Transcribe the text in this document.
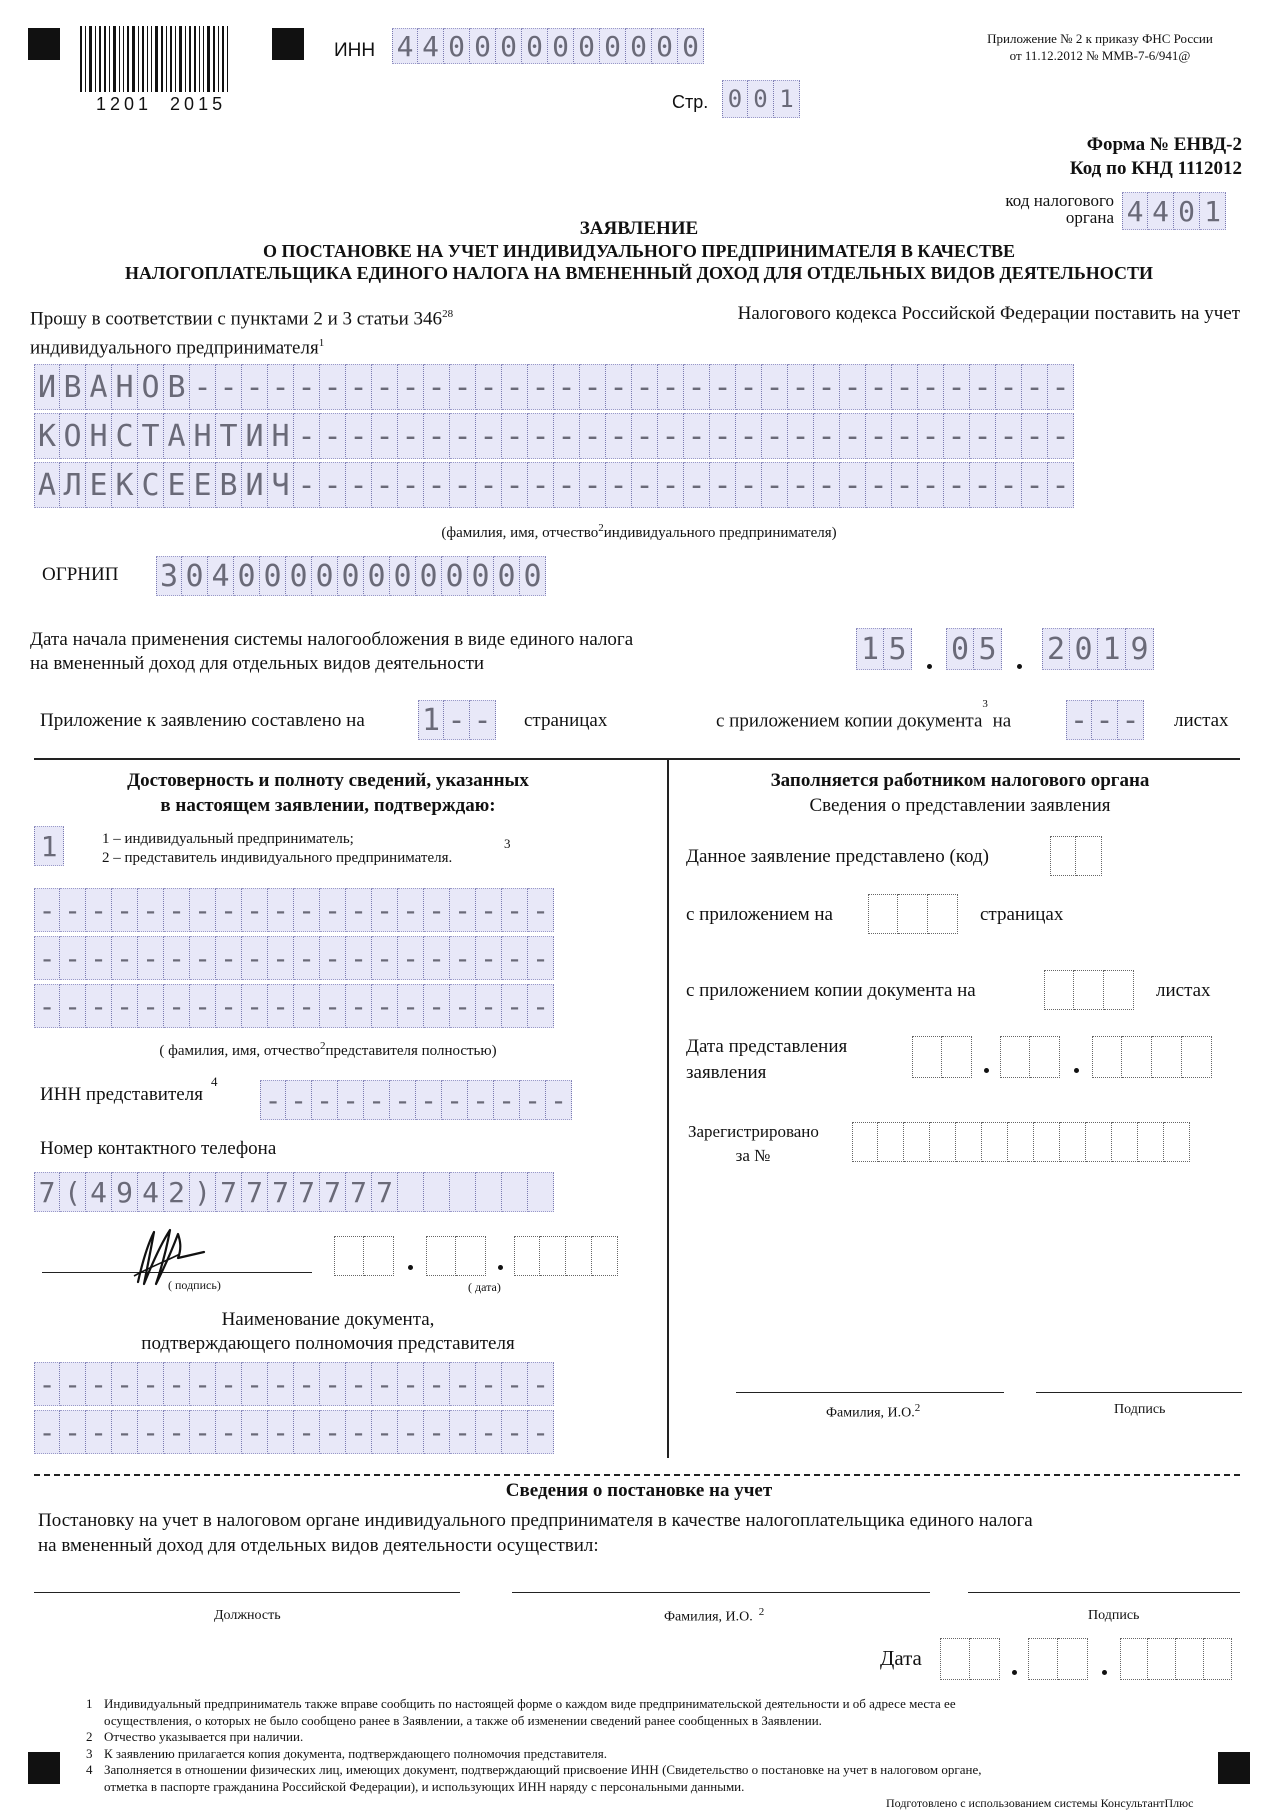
1201  2015
ИНН 4 4 0 0 0 0 0 0 0 0 0 0
Стр. 0 0 1
Приложение № 2 к приказу ФНС России
от 11.12.2012 № ММВ-7-6/941@
Форма № ЕНВД-2
Код по КНД 1112012
код налогового
органа 4 4 0 1
ЗАЯВЛЕНИЕ
О ПОСТАНОВКЕ НА УЧЕТ ИНДИВИДУАЛЬНОГО ПРЕДПРИНИМАТЕЛЯ В КАЧЕСТВЕ
НАЛОГОПЛАТЕЛЬЩИКА ЕДИНОГО НАЛОГА НА ВМЕНЕННЫЙ ДОХОД ДЛЯ ОТДЕЛЬНЫХ ВИДОВ ДЕЯТЕЛЬНОСТИ
Прошу в соответствии с пунктами 2 и 3 статьи $346^{28}$	Налогового кодекса Российской Федерации поставить на учет
индивидуального предпринимателя$^1$
И В А Н О В - - - - - - - - - - - - - - - - - - - - - - - - - - - - - - - - - -
К О Н С Т А Н Т И Н - - - - - - - - - - - - - - - - - - - - - - - - - - - - - -
А Л Е К С Е Е В И Ч - - - - - - - - - - - - - - - - - - - - - - - - - - - - - -
(фамилия, имя, отчество$^2$индивидуального предпринимателя)
ОГРНИП 3 0 4 0 0 0 0 0 0 0 0 0 0 0 0
Дата начала применения системы налогообложения в виде единого налога
на вмененный доход для отдельных видов деятельности	1 5 0 5 2 0 1 9
Приложение к заявлению составлено на 1 - - страницах	с приложением копии документа$^3$ на - - - листах
Достоверность и полноту сведений, указанных
в настоящем заявлении, подтверждаю:
1	1 – индивидуальный предприниматель;
2 – представитель индивидуального предпринимателя.
3
- - - - - - - - - - - - - - - - - - - -
- - - - - - - - - - - - - - - - - - - -
- - - - - - - - - - - - - - - - - - - -
( фамилия, имя, отчество$^2$представителя полностью)
ИНН представителя$^4$
- - - - - - - - - - - -
Номер контактного телефона
7 ( 4 9 4 2 ) 7 7 7 7 7 7 7
( подпись)	( дата)
Наименование документа,
подтверждающего полномочия представителя
- - - - - - - - - - - - - - - - - - - -
- - - - - - - - - - - - - - - - - - - -
Заполняется работником налогового органа
Сведения о представлении заявления
Данное заявление представлено (код)
с приложением на	страницах
с приложением копии документа на	листах
Дата представления
заявления
Зарегистрировано
за №
Фамилия, И.О.$^2$	Подпись
Сведения о постановке на учет
Постановку на учет в налоговом органе индивидуального предпринимателя в качестве налогоплательщика единого налога
на вмененный доход для отдельных видов деятельности осуществил:
Должность	Фамилия, И.О. $^2$	Подпись
Дата
1 Индивидуальный предприниматель также вправе сообщить по настоящей форме о каждом виде предпринимательской деятельности и об адресе места ее
осуществления, о которых не было сообщено ранее в Заявлении, а также об изменении сведений ранее сообщенных в Заявлении.
2 Отчество указывается при наличии.
3 К заявлению прилагается копия документа, подтверждающего полномочия представителя.
4 Заполняется в отношении физических лиц, имеющих документ, подтверждающий присвоение ИНН (Свидетельство о постановке на учет в налоговом органе,
отметка в паспорте гражданина Российской Федерации), и использующих ИНН наряду с персональными данными.
Подготовлено с использованием системы КонсультантПлюс
